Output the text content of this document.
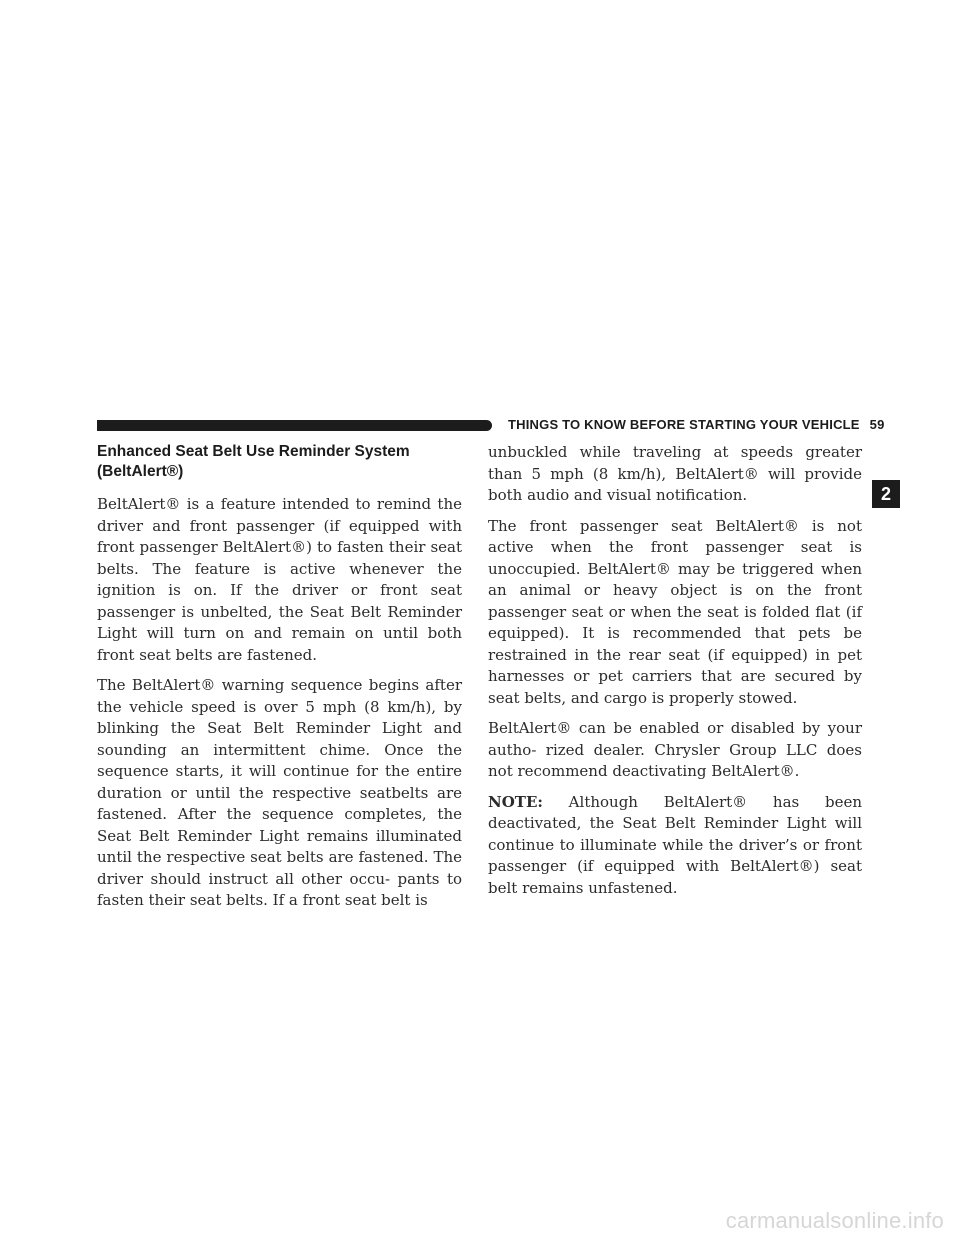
THINGS TO KNOW BEFORE STARTING YOUR VEHICLE 59
2
Enhanced Seat Belt Use Reminder System
(BeltAlert®)

BeltAlert® is a feature intended to remind the driver and front passenger (if equipped with front passenger BeltAlert®) to fasten their seat belts. The feature is active whenever the ignition is on. If the driver or front seat passenger is unbelted, the Seat Belt Reminder Light will turn on and remain on until both front seat belts are fastened.

The BeltAlert® warning sequence begins after the vehicle speed is over 5 mph (8 km/h), by blinking the Seat Belt Reminder Light and sounding an intermittent chime. Once the sequence starts, it will continue for the entire duration or until the respective seatbelts are fastened. After the sequence completes, the Seat Belt Reminder Light remains illuminated until the respective seat belts are fastened. The driver should instruct all other occu- pants to fasten their seat belts. If a front seat belt is

unbuckled while traveling at speeds greater than 5 mph (8 km/h), BeltAlert® will provide both audio and visual notification.

The front passenger seat BeltAlert® is not active when the front passenger seat is unoccupied. BeltAlert® may be triggered when an animal or heavy object is on the front passenger seat or when the seat is folded flat (if equipped). It is recommended that pets be restrained in the rear seat (if equipped) in pet harnesses or pet carriers that are secured by seat belts, and cargo is properly stowed.

BeltAlert® can be enabled or disabled by your autho- rized dealer. Chrysler Group LLC does not recommend deactivating BeltAlert®.

NOTE: Although BeltAlert® has been deactivated, the Seat Belt Reminder Light will continue to illuminate while the driver’s or front passenger (if equipped with BeltAlert®) seat belt remains unfastened.

carmanualsonline.info
